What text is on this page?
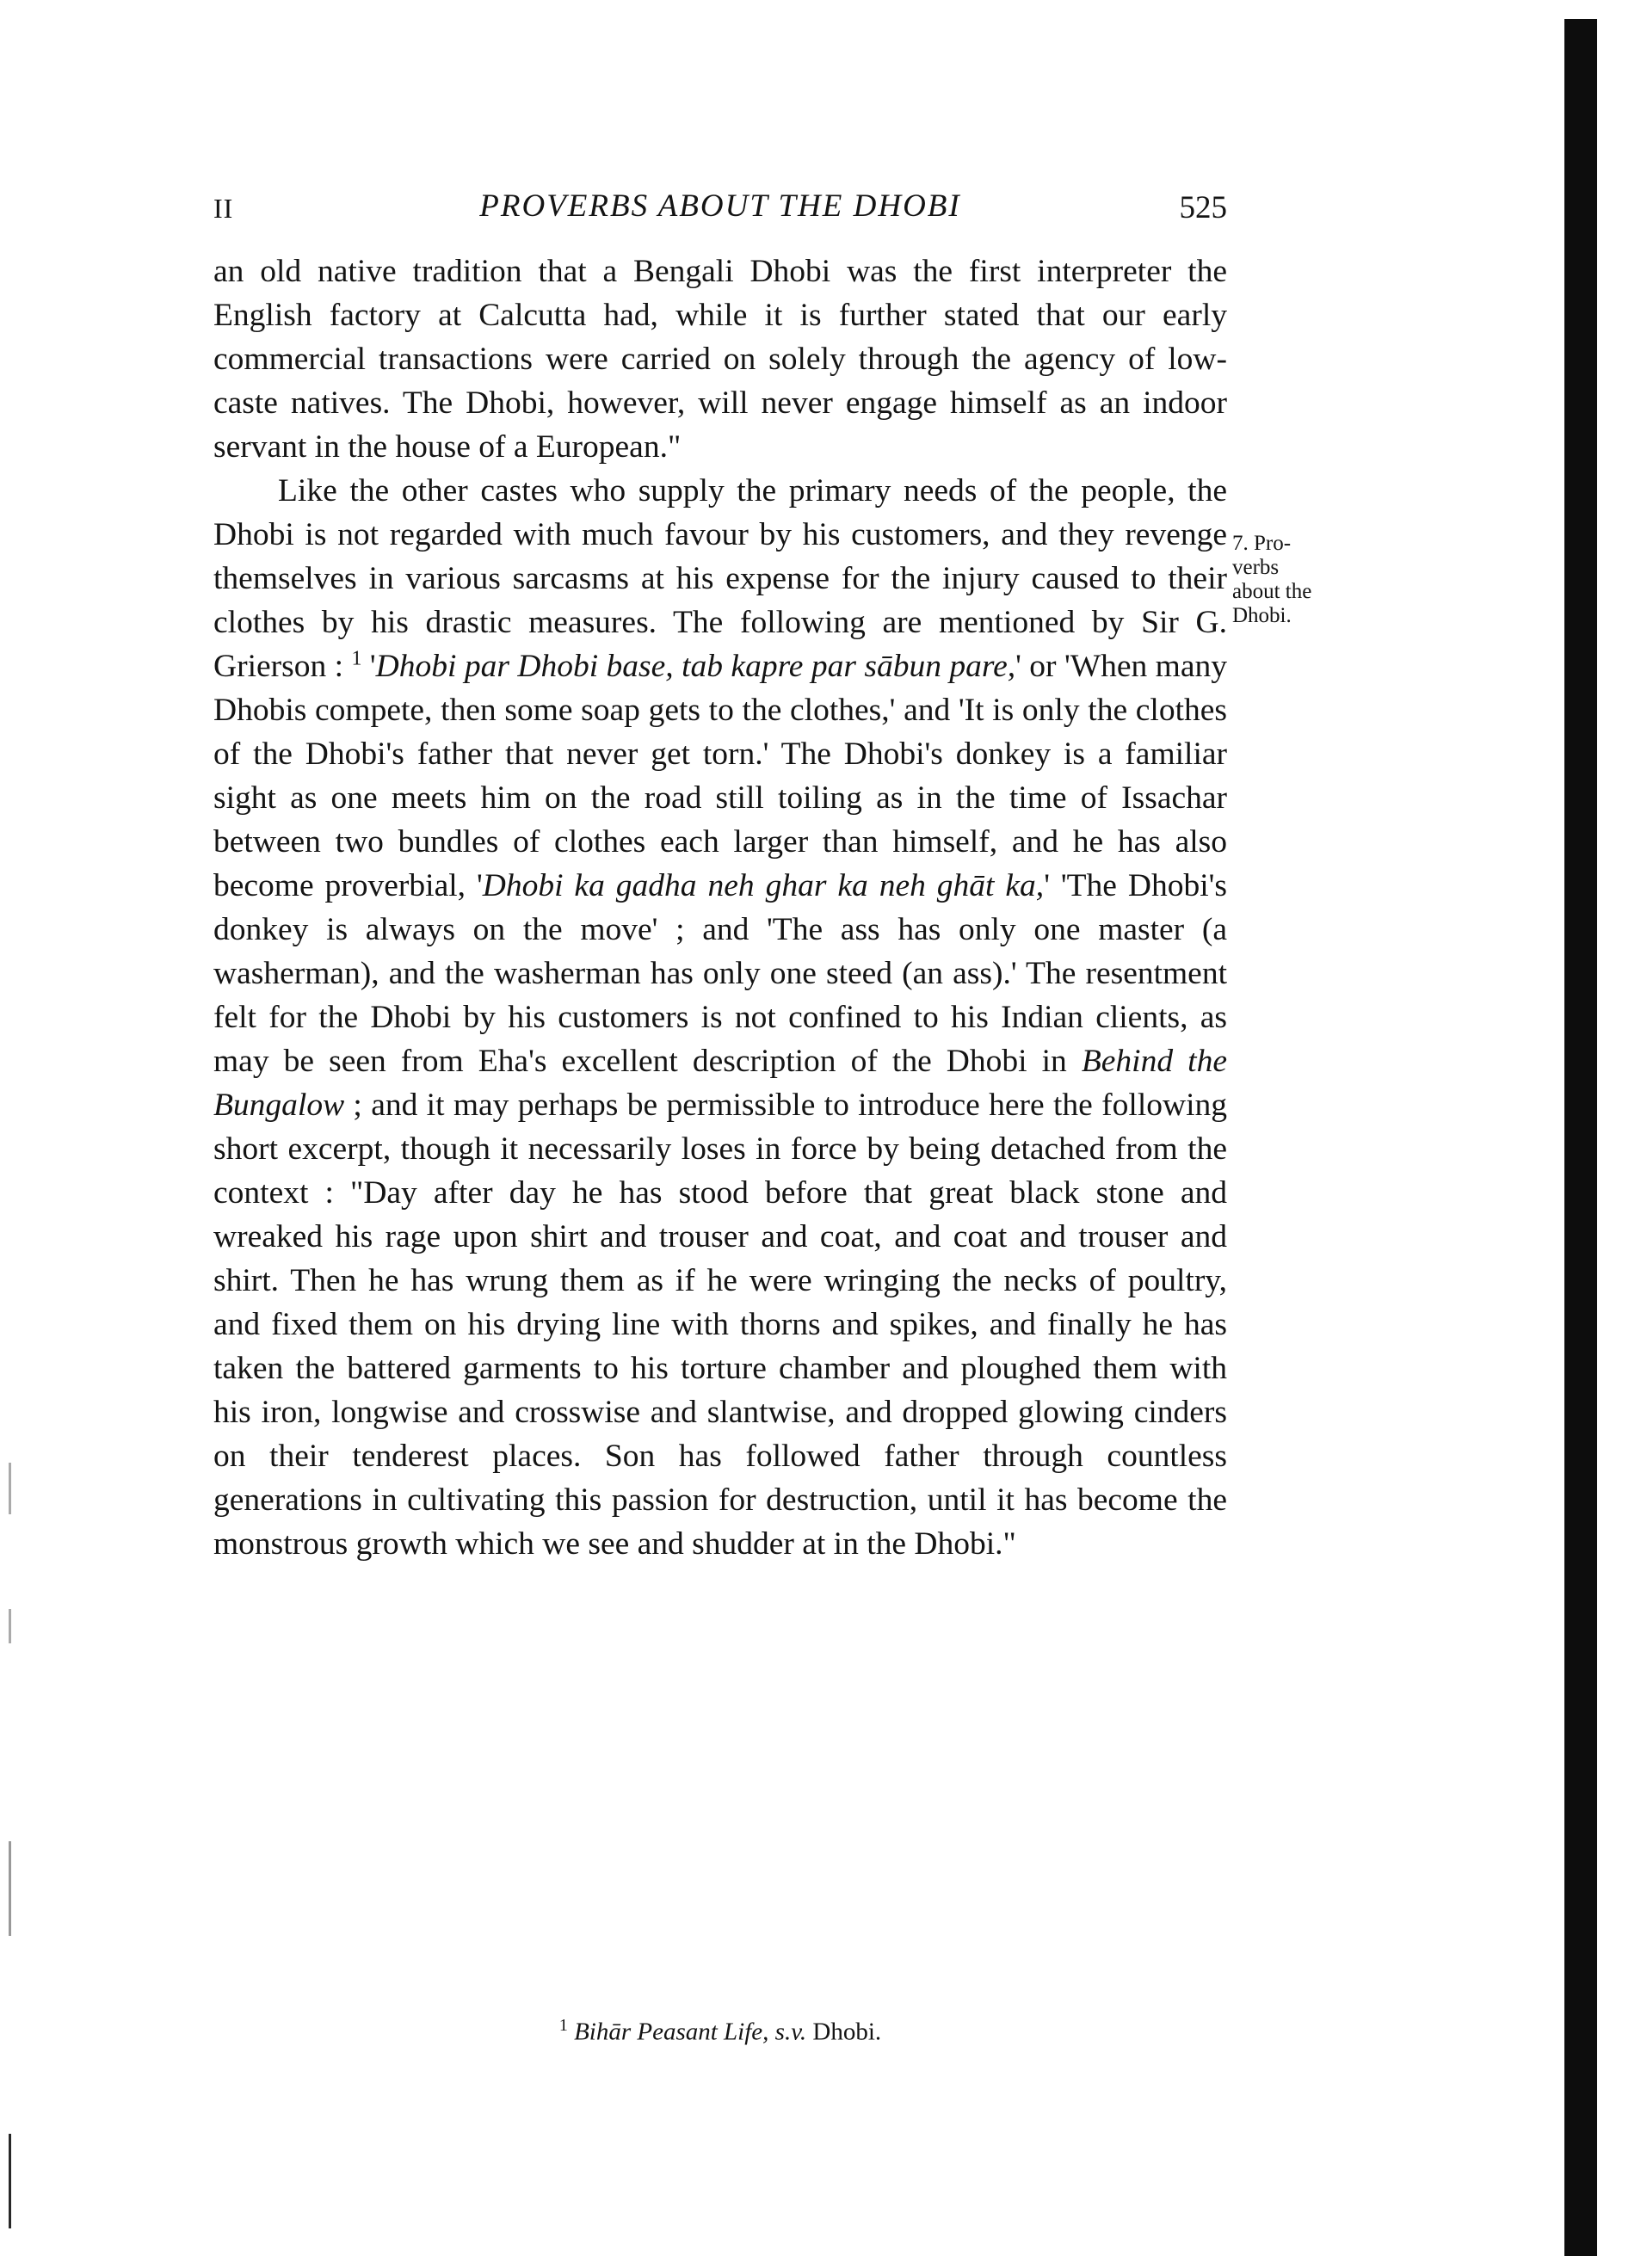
II	PROVERBS ABOUT THE DHOBI	525

an old native tradition that a Bengali Dhobi was the first interpreter the English factory at Calcutta had, while it is further stated that our early commercial transactions were carried on solely through the agency of low-caste natives. The Dhobi, however, will never engage himself as an indoor servant in the house of a European."

Like the other castes who supply the primary needs of the people, the Dhobi is not regarded with much favour by his customers, and they revenge themselves in various sarcasms at his expense for the injury caused to their clothes by his drastic measures. The following are mentioned by Sir G. Grierson : $^1$ 'Dhobi par Dhobi base, tab kapre par sābun pare,' or 'When many Dhobis compete, then some soap gets to the clothes,' and 'It is only the clothes of the Dhobi's father that never get torn.' The Dhobi's donkey is a familiar sight as one meets him on the road still toiling as in the time of Issachar between two bundles of clothes each larger than himself, and he has also become proverbial, 'Dhobi ka gadha neh ghar ka neh ghāt ka,' 'The Dhobi's donkey is always on the move' ; and 'The ass has only one master (a washerman), and the washerman has only one steed (an ass).' The resentment felt for the Dhobi by his customers is not confined to his Indian clients, as may be seen from Eha's excellent description of the Dhobi in Behind the Bungalow ; and it may perhaps be permissible to introduce here the following short excerpt, though it necessarily loses in force by being detached from the context : "Day after day he has stood before that great black stone and wreaked his rage upon shirt and trouser and coat, and coat and trouser and shirt. Then he has wrung them as if he were wringing the necks of poultry, and fixed them on his drying line with thorns and spikes, and finally he has taken the battered garments to his torture chamber and ploughed them with his iron, longwise and crosswise and slantwise, and dropped glowing cinders on their tenderest places. Son has followed father through countless generations in cultivating this passion for destruction, until it has become the monstrous growth which we see and shudder at in the Dhobi."

7. Pro-
verbs
about the
Dhobi.
$^1$ Bihār Peasant Life, s.v. Dhobi.
